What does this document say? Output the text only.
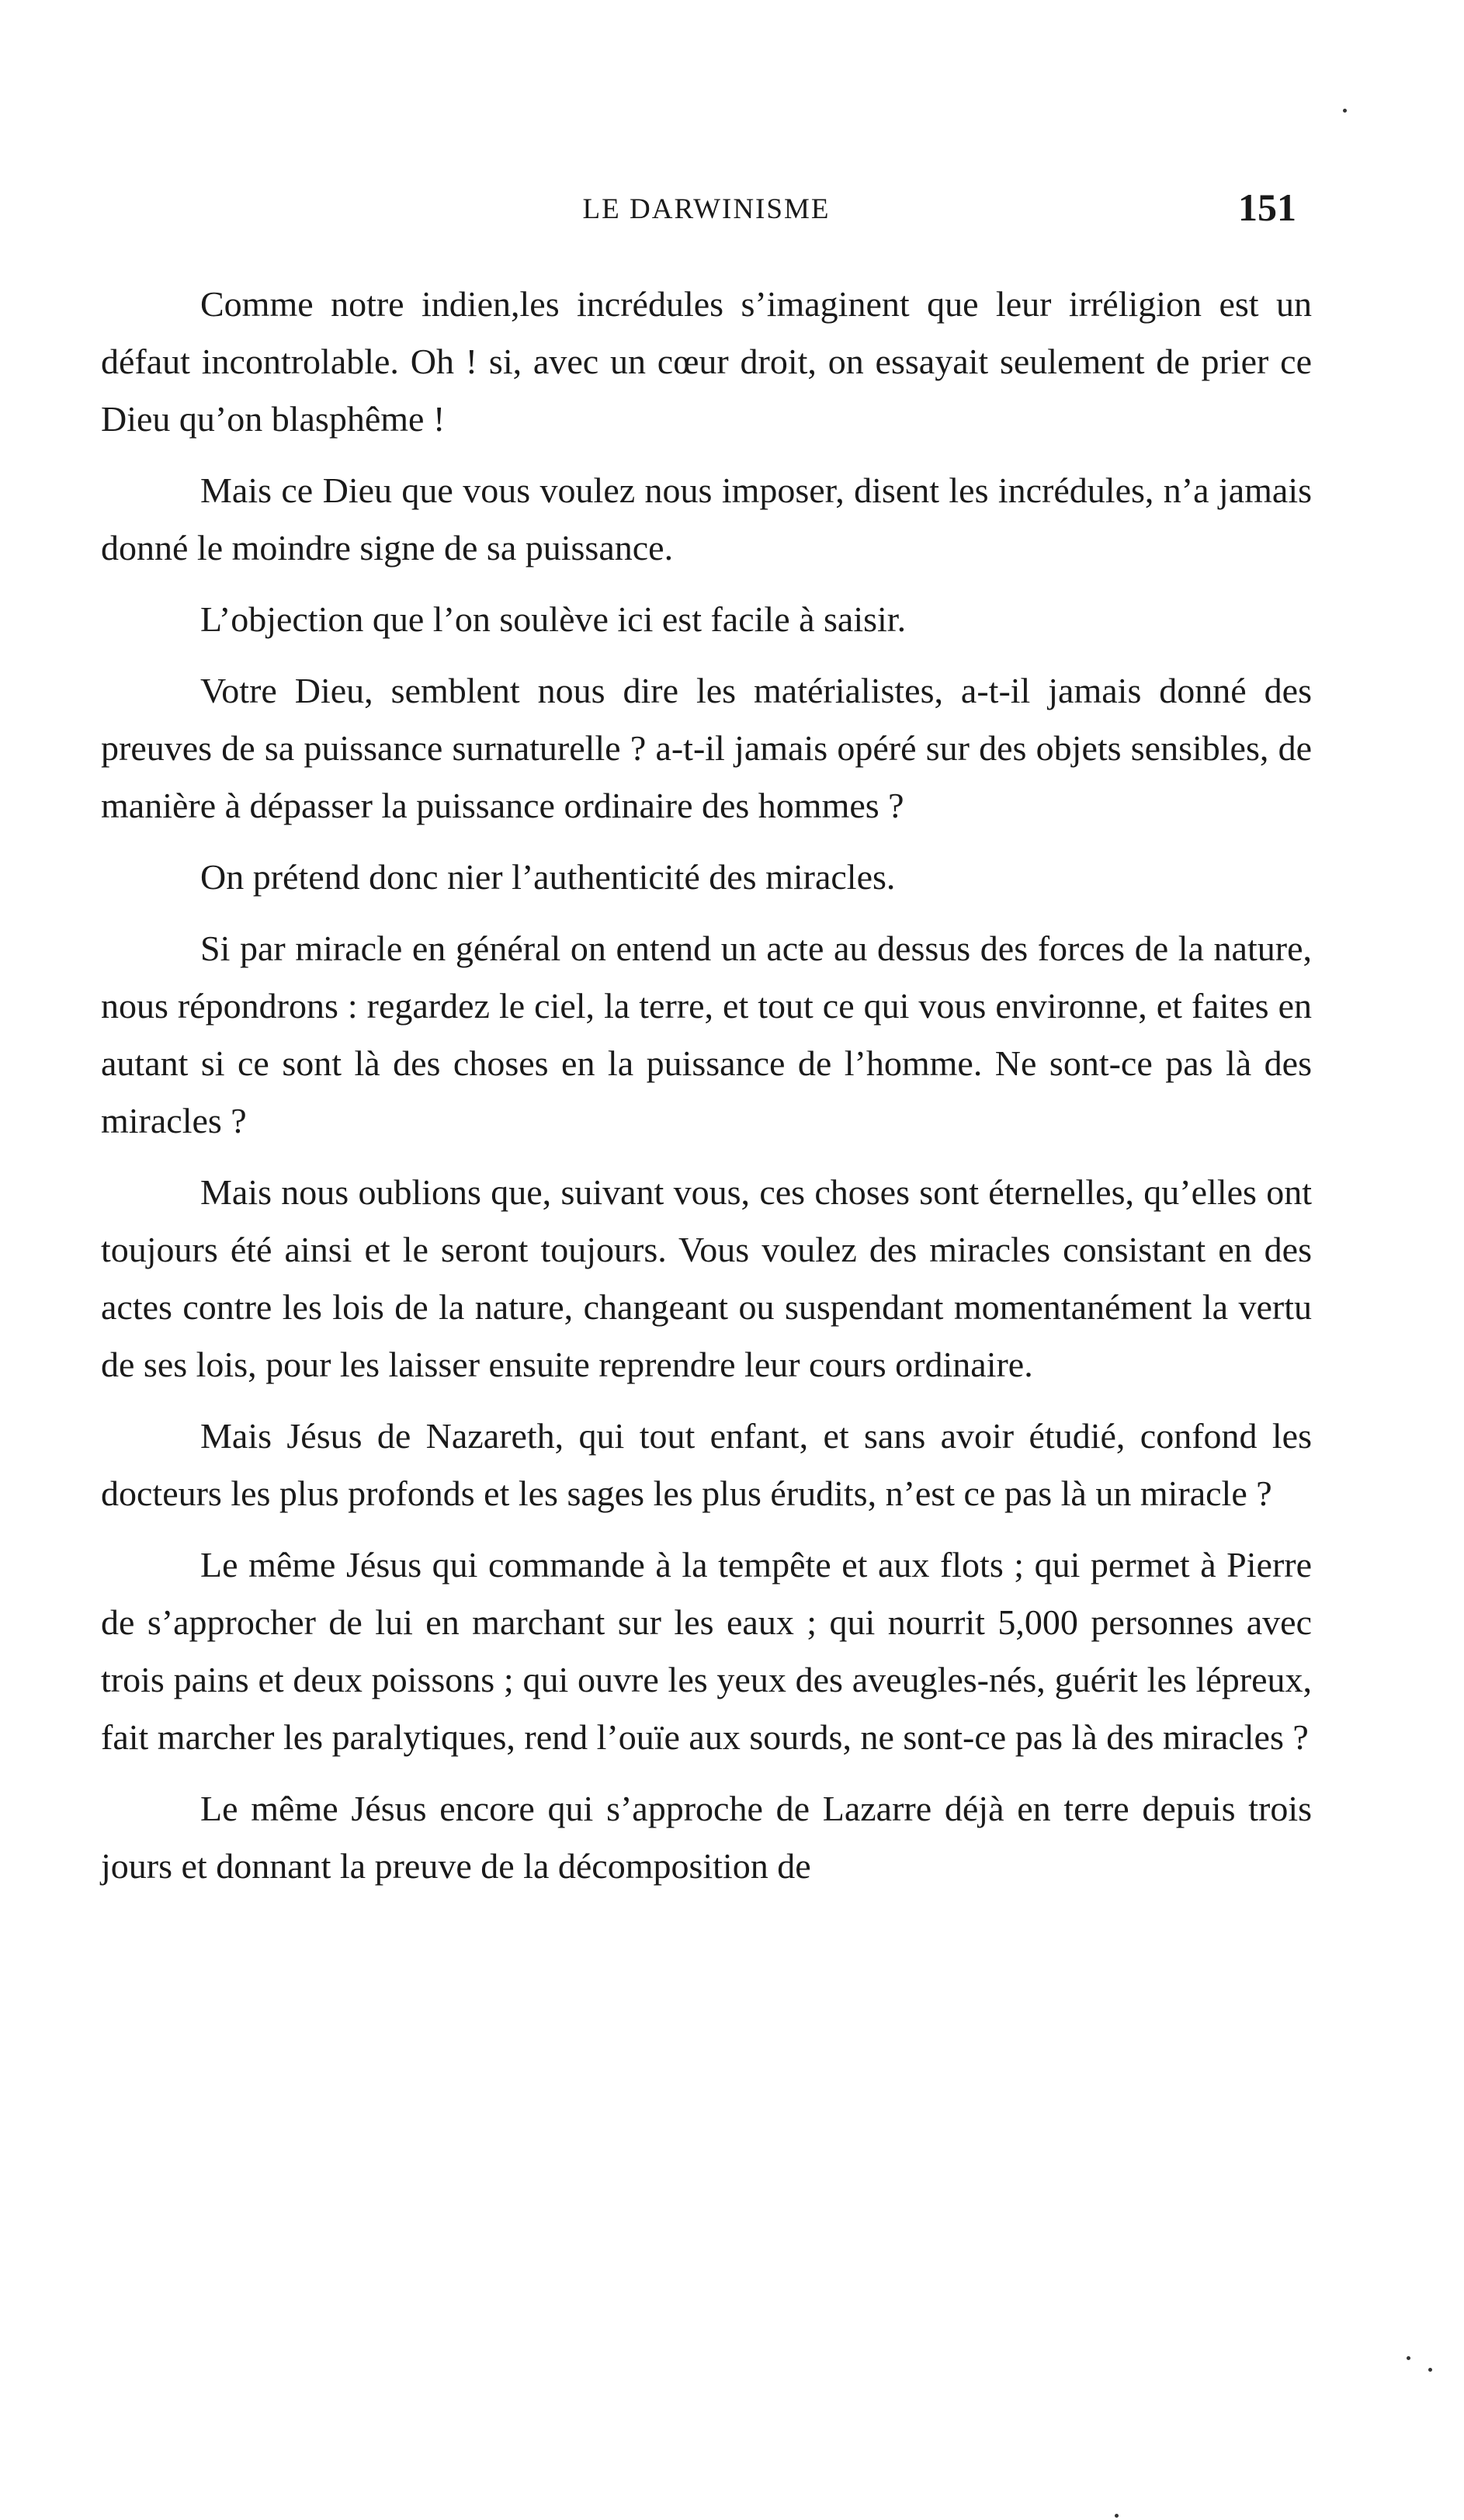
LE DARWINISME	151

Comme notre indien,les incrédules s’imaginent que leur irréligion est un défaut incontrolable. Oh ! si, avec un cœur droit, on essayait seulement de prier ce Dieu qu’on blasphême !

Mais ce Dieu que vous voulez nous imposer, disent les incrédules, n’a jamais donné le moindre signe de sa puissance.

L’objection que l’on soulève ici est facile à saisir.

Votre Dieu, semblent nous dire les matérialistes, a-t-il jamais donné des preuves de sa puissance surnaturelle ? a-t-il jamais opéré sur des objets sensibles, de manière à dépasser la puissance ordinaire des hommes ?

On prétend donc nier l’authenticité des miracles.

Si par miracle en général on entend un acte au dessus des forces de la nature, nous répondrons : regardez le ciel, la terre, et tout ce qui vous environne, et faites en autant si ce sont là des choses en la puissance de l’homme. Ne sont-ce pas là des miracles ?

Mais nous oublions que, suivant vous, ces choses sont éternelles, qu’elles ont toujours été ainsi et le seront toujours. Vous voulez des miracles consistant en des actes contre les lois de la nature, changeant ou suspendant momentanément la vertu de ses lois, pour les laisser ensuite reprendre leur cours ordinaire.

Mais Jésus de Nazareth, qui tout enfant, et sans avoir étudié, confond les docteurs les plus profonds et les sages les plus érudits, n’est ce pas là un miracle ?

Le même Jésus qui commande à la tempête et aux flots ; qui permet à Pierre de s’approcher de lui en marchant sur les eaux ; qui nourrit 5,000 personnes avec trois pains et deux poissons ; qui ouvre les yeux des aveugles-nés, guérit les lépreux, fait marcher les paralytiques, rend l’ouïe aux sourds, ne sont-ce pas là des miracles ?

Le même Jésus encore qui s’approche de Lazarre déjà en terre depuis trois jours et donnant la preuve de la décomposition de
